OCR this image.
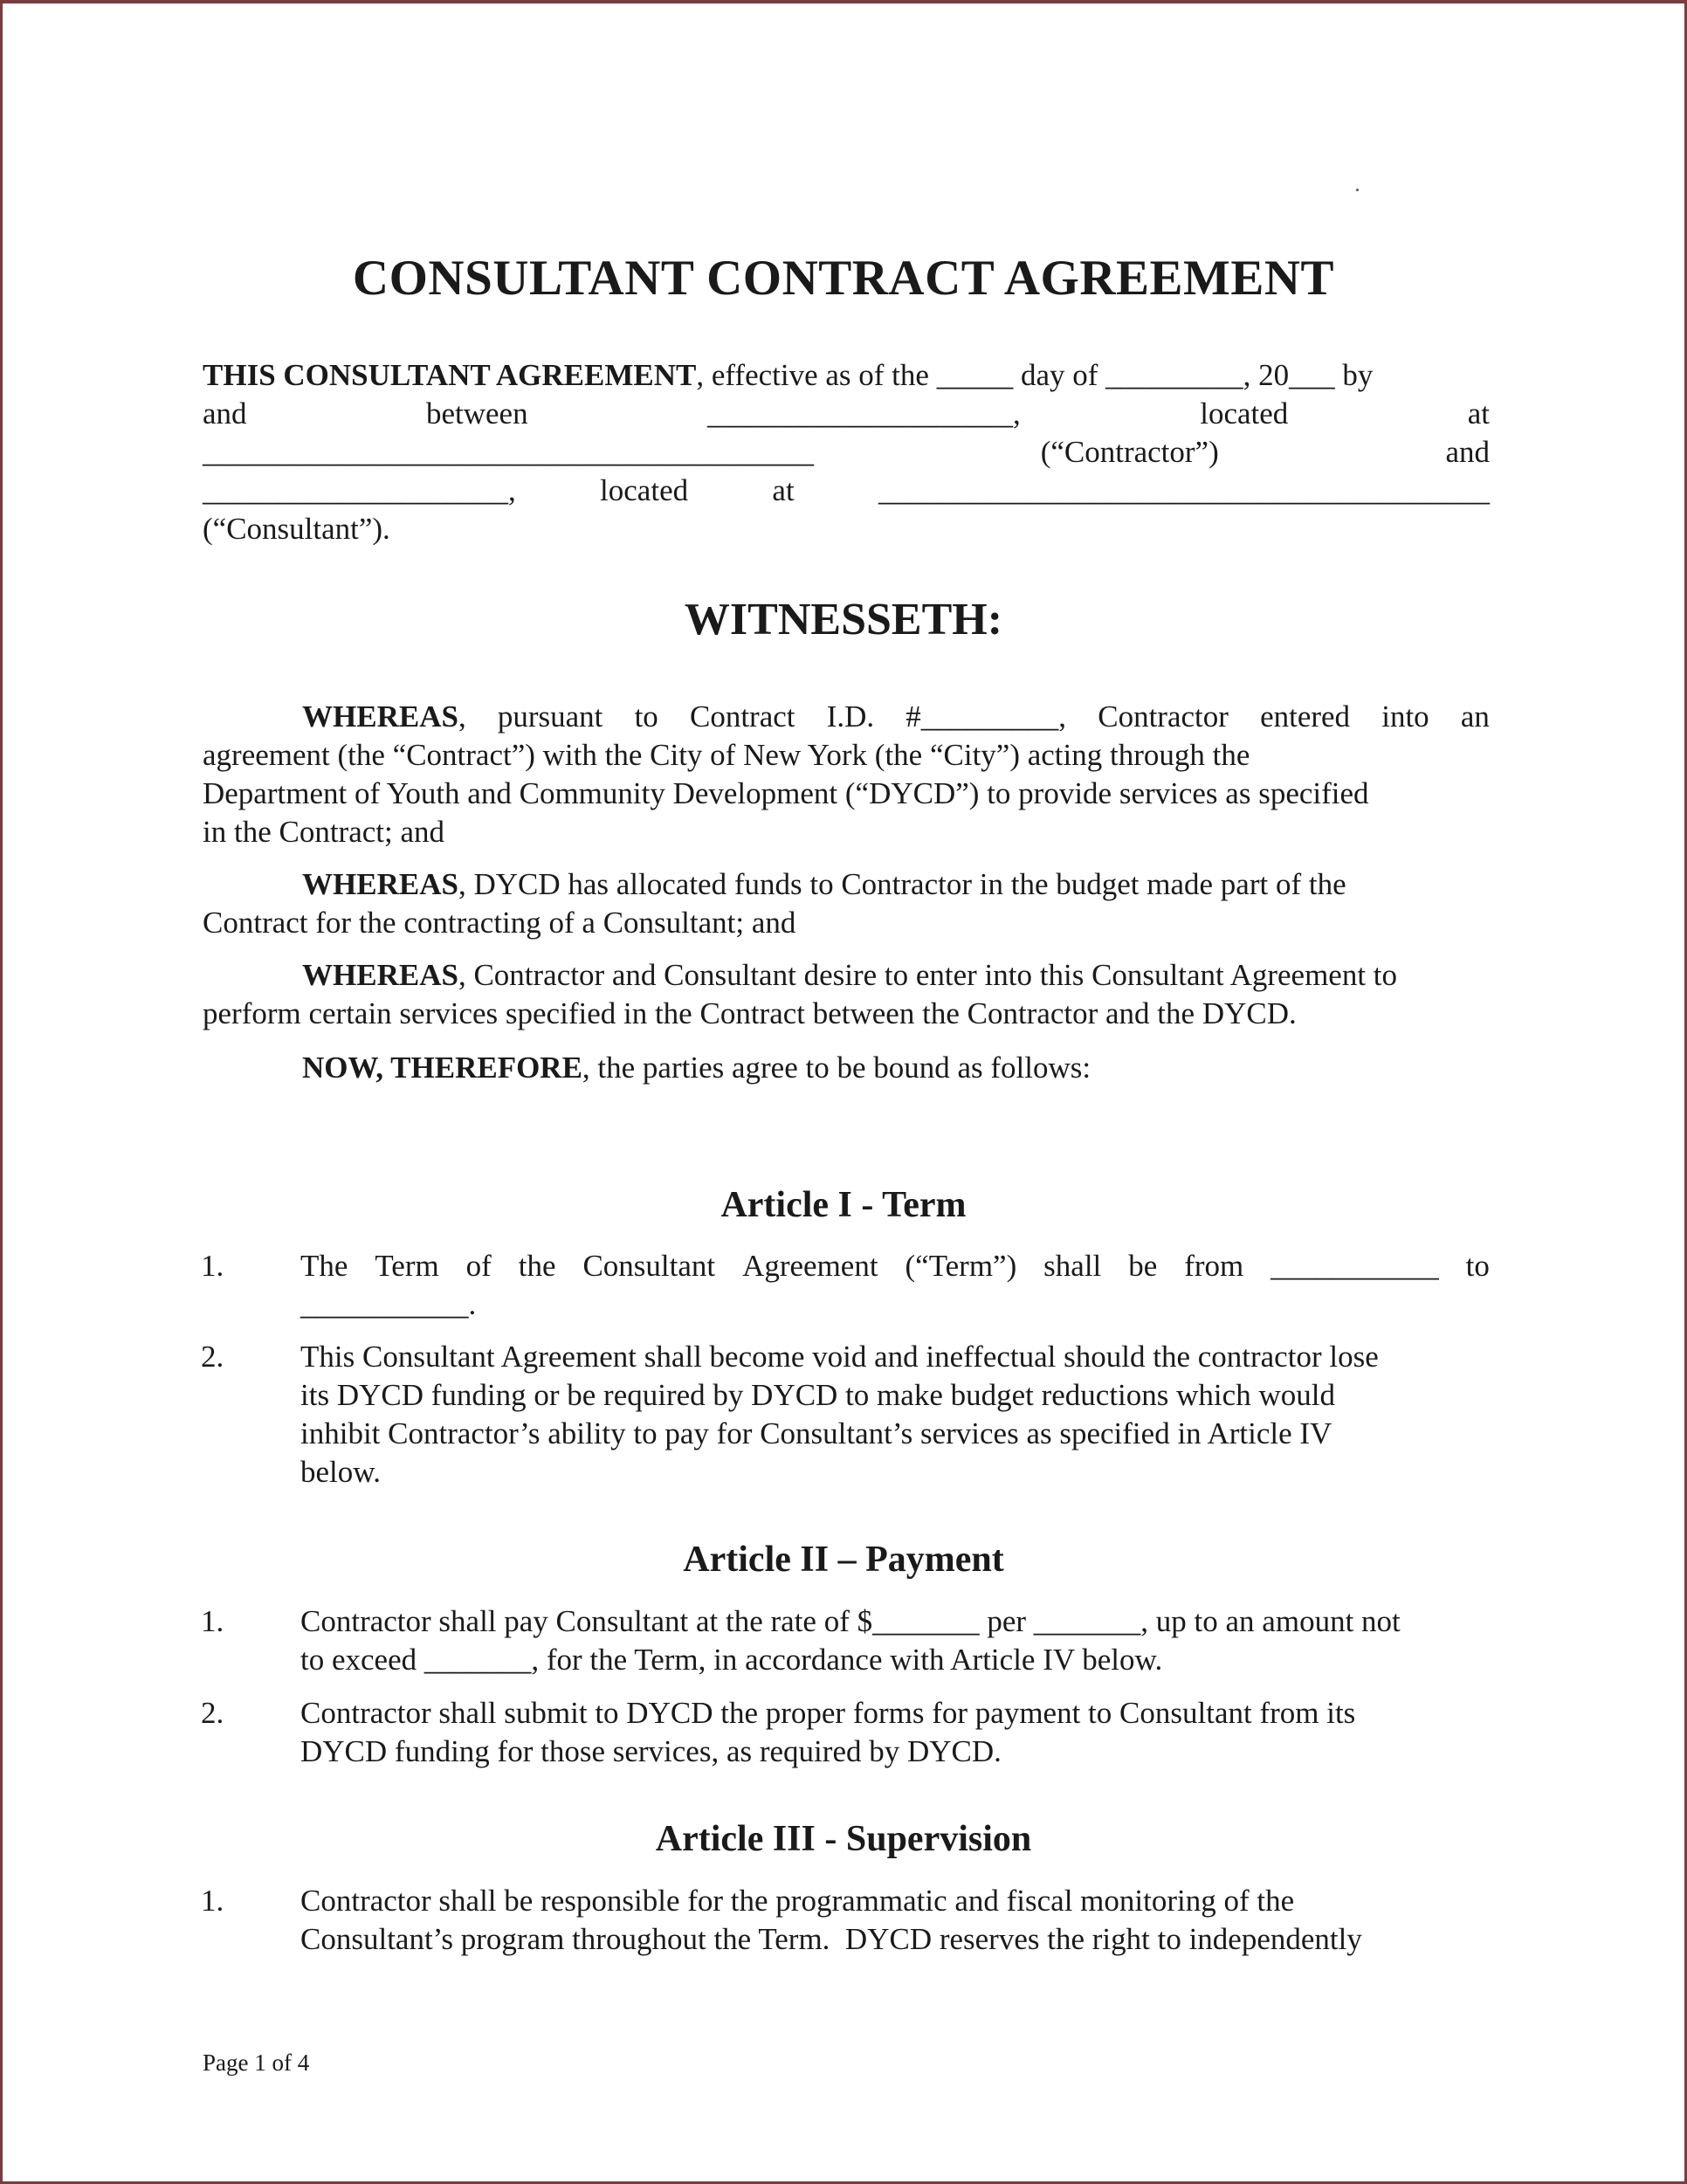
CONSULTANT CONTRACT AGREEMENT
THIS CONSULTANT AGREEMENT, effective as of the _____ day of _________, 20___ by
and	between	____________________,	located	at
________________________________________	(“Contractor”)	and
____________________,	located	at	________________________________________
(“Consultant”).
WITNESSETH:
WHEREAS, pursuant to Contract I.D. #_________, Contractor entered into an
agreement (the “Contract”) with the City of New York (the “City”) acting through the
Department of Youth and Community Development (“DYCD”) to provide services as specified
in the Contract; and
WHEREAS, DYCD has allocated funds to Contractor in the budget made part of the
Contract for the contracting of a Consultant; and
WHEREAS, Contractor and Consultant desire to enter into this Consultant Agreement to
perform certain services specified in the Contract between the Contractor and the DYCD.
NOW, THEREFORE, the parties agree to be bound as follows:
Article I - Term
1.	The Term of the Consultant Agreement (“Term”) shall be from ___________ to
___________.
2.	This Consultant Agreement shall become void and ineffectual should the contractor lose
its DYCD funding or be required by DYCD to make budget reductions which would
inhibit Contractor’s ability to pay for Consultant’s services as specified in Article IV
below.
Article II – Payment
1.	Contractor shall pay Consultant at the rate of $_______ per _______, up to an amount not
to exceed _______, for the Term, in accordance with Article IV below.
2.	Contractor shall submit to DYCD the proper forms for payment to Consultant from its
DYCD funding for those services, as required by DYCD.
Article III - Supervision
1.	Contractor shall be responsible for the programmatic and fiscal monitoring of the
Consultant’s program throughout the Term.  DYCD reserves the right to independently
Page 1 of 4
